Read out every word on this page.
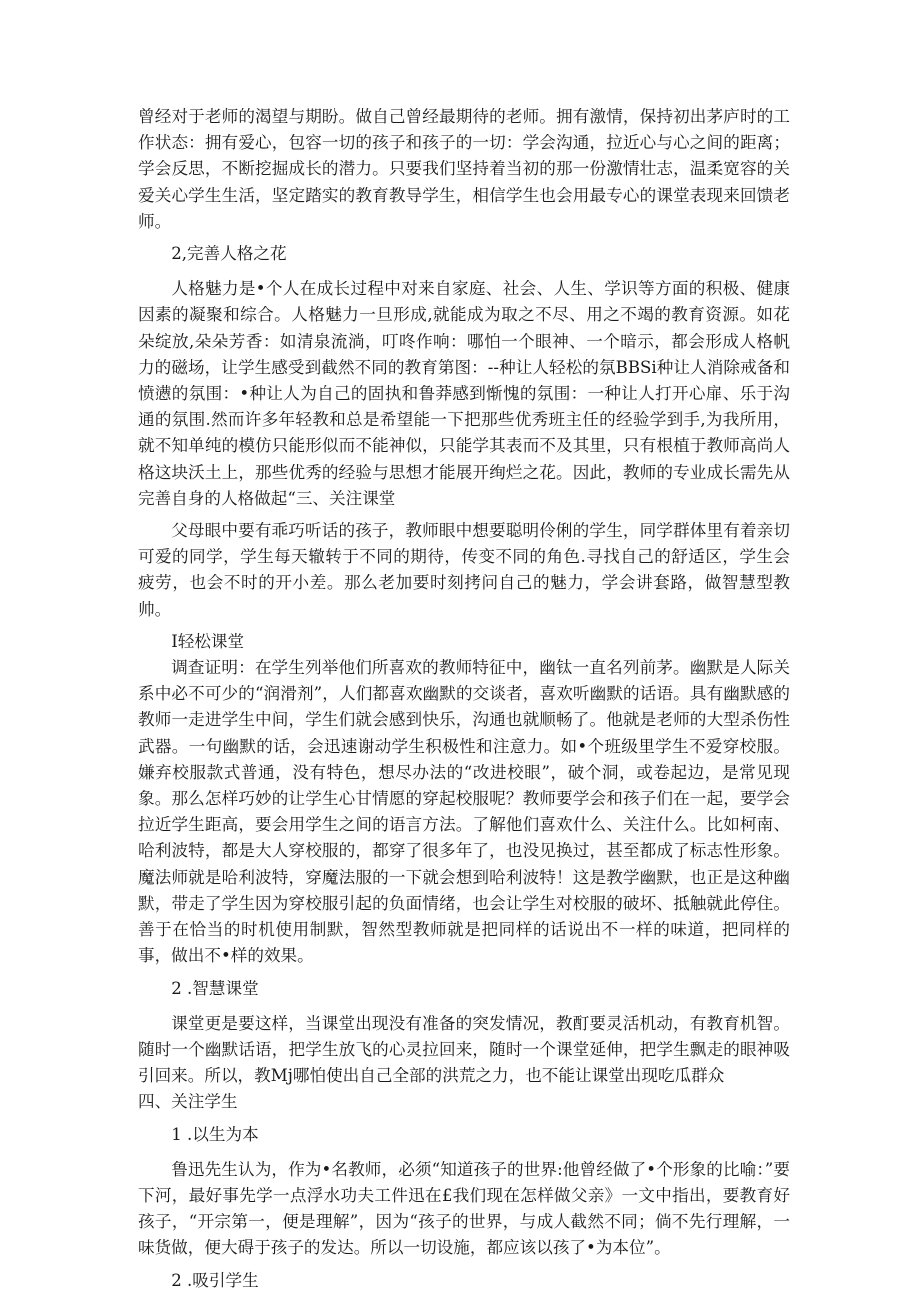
曾经对于老师的渴望与期盼。做自己曾经最期待的老师。拥有激情，保持初出茅庐时的工作状态：拥有爱心，包容一切的孩子和孩子的一切：学会沟通，拉近心与心之间的距离；学会反思，不断挖掘成长的潜力。只要我们坚持着当初的那一份激情壮志，温柔宽容的关爱关心学生生活，坚定踏实的教育教导学生，相信学生也会用最专心的课堂表现来回馈老师。

2,完善人格之花

人格魅力是•个人在成长过程中对来自家庭、社会、人生、学识等方面的积极、健康因素的凝聚和综合。人格魅力一旦形成,就能成为取之不尽、用之不竭的教育资源。如花朵绽放,朵朵芳香：如清泉流淌，叮咚作响：哪怕一个眼神、一个暗示，都会形成人格帆力的磁场，让学生感受到截然不同的教育第图：--种让人轻松的氛BBSi种让人消除戒备和愤懑的氛围：•种让人为自己的固执和鲁莽感到惭愧的氛围：一种让人打开心扉、乐于沟通的氛围.然而许多年轻教和总是希望能一下把那些优秀班主任的经验学到手,为我所用，就不知单纯的模仿只能形似而不能神似，只能学其表而不及其里，只有根植于教师高尚人格这块沃土上，那些优秀的经验与思想才能展开绚烂之花。因此，教师的专业成长需先从完善自身的人格做起“三、关注课堂

父母眼中要有乖巧听话的孩子，教师眼中想要聪明伶俐的学生，同学群体里有着亲切可爱的同学，学生每天辙转于不同的期待，传变不同的角色.寻找自己的舒适区，学生会疲劳，也会不时的开小差。那么老加要时刻拷问自己的魅力，学会讲套路，做智慧型教帅。

I轻松课堂

调查证明：在学生列举他们所喜欢的教师特征中，幽钛一直名列前茅。幽默是人际关系中必不可少的“润滑剂”，人们都喜欢幽默的交谈者，喜欢听幽默的话语。具有幽默感的教师一走进学生中间，学生们就会感到快乐，沟通也就顺畅了。他就是老师的大型杀伤性武器。一句幽默的话，会迅速谢动学生积极性和注意力。如•个班级里学生不爱穿校服。嫌弃校服款式普通，没有特色，想尽办法的“改进校眼”，破个洞，或卷起边，是常见现象。那么怎样巧妙的让学生心甘情愿的穿起校服呢？教师要学会和孩子们在一起，要学会拉近学生距高，要会用学生之间的语言方法。了解他们喜欢什么、关注什么。比如柯南、哈利波特，都是大人穿校服的，都穿了很多年了，也没见换过，甚至都成了标志性形象。魔法师就是哈利波特，穿魔法服的一下就会想到哈利波特！这是教学幽默，也正是这种幽默，带走了学生因为穿校服引起的负面情绪，也会让学生对校服的破坏、抵触就此停住。善于在恰当的时机使用制默，智然型教师就是把同样的话说出不一样的味道，把同样的事，做出不•样的效果。

2 .智慧课堂

课堂更是要这样，当课堂出现没有准备的突发情况，教酊要灵活机动，有教育机智。随时一个幽默话语，把学生放飞的心灵拉回来，随时一个课堂延伸，把学生飘走的眼神吸引回来。所以，教Mj哪怕使出自己全部的洪荒之力，也不能让课堂出现吃瓜群众

四、关注学生

1 .以生为本

鲁迅先生认为，作为•名教师，必须“知道孩子的世界:他曾经做了•个形象的比喻：”要下河，最好事先学一点浮水功夫工件迅在£我们现在怎样做父亲》一文中指出，要教育好孩子，“开宗第一，便是理解”，因为“孩子的世界，与成人截然不同；倘不先行理解，一味货做，便大碍于孩子的发达。所以一切设施，都应该以孩了•为本位”。

2 .吸引学生
